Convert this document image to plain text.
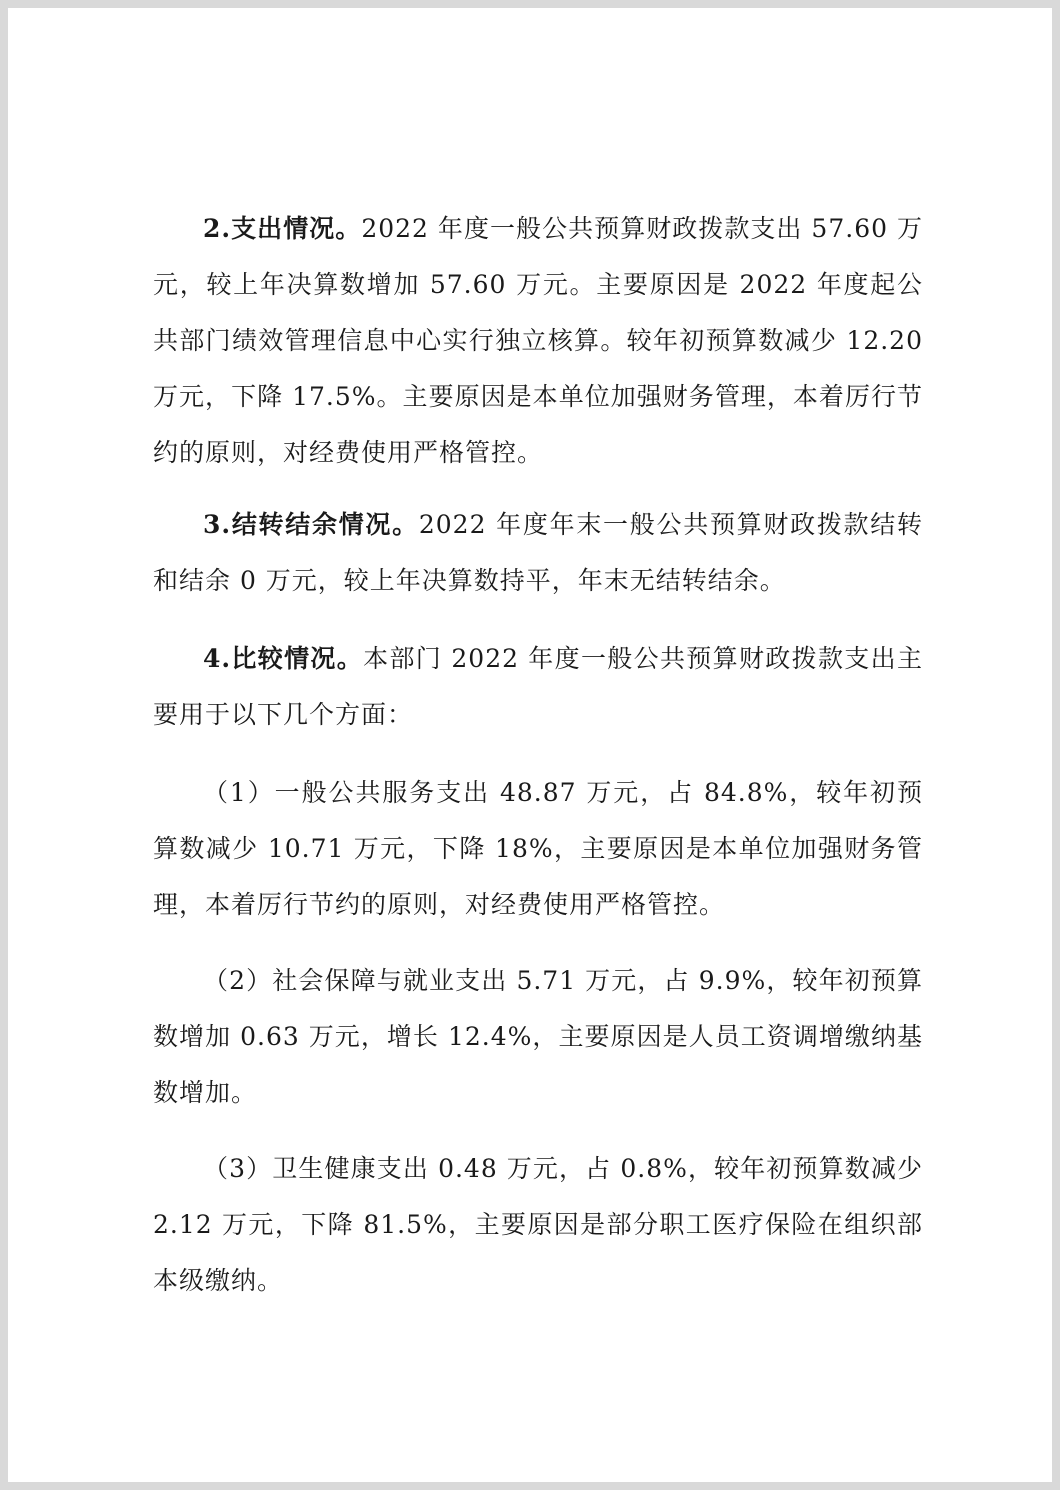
2.支出情况。2022 年度一般公共预算财政拨款支出 57.60 万元，较上年决算数增加 57.60 万元。主要原因是 2022 年度起公共部门绩效管理信息中心实行独立核算。较年初预算数减少 12.20 万元，下降 17.5%。主要原因是本单位加强财务管理，本着厉行节约的原则，对经费使用严格管控。

3.结转结余情况。2022 年度年末一般公共预算财政拨款结转和结余 0 万元，较上年决算数持平，年末无结转结余。

4.比较情况。本部门 2022 年度一般公共预算财政拨款支出主要用于以下几个方面：

（1）一般公共服务支出 48.87 万元，占 84.8%，较年初预算数减少 10.71 万元，下降 18%，主要原因是本单位加强财务管理，本着厉行节约的原则，对经费使用严格管控。

（2）社会保障与就业支出 5.71 万元，占 9.9%，较年初预算数增加 0.63 万元，增长 12.4%，主要原因是人员工资调增缴纳基数增加。

（3）卫生健康支出 0.48 万元，占 0.8%，较年初预算数减少 2.12 万元，下降 81.5%，主要原因是部分职工医疗保险在组织部本级缴纳。
